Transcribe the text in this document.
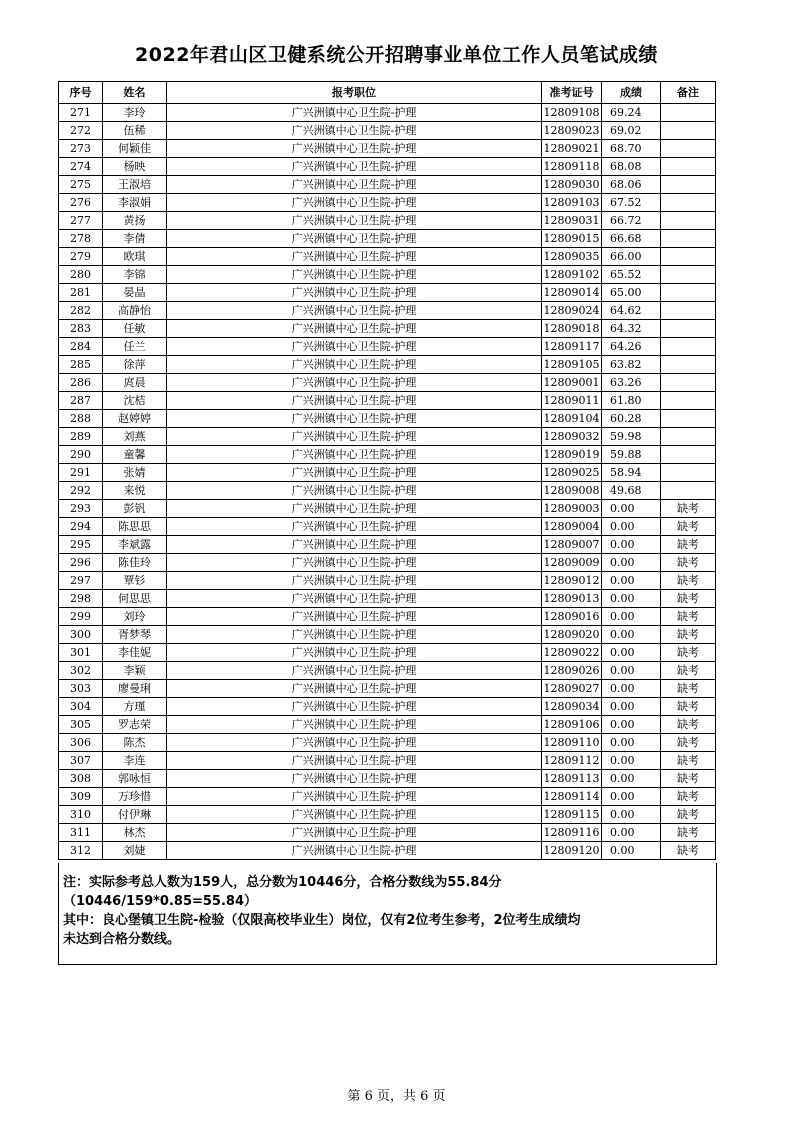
2022年君山区卫健系统公开招聘事业单位工作人员笔试成绩
序号	姓名	报考职位	准考证号	成绩	备注
271	李玲	广兴洲镇中心卫生院-护理	12809108	69.24	
272	伍稀	广兴洲镇中心卫生院-护理	12809023	69.02	
273	何颖佳	广兴洲镇中心卫生院-护理	12809021	68.70	
274	杨映	广兴洲镇中心卫生院-护理	12809118	68.08	
275	王淑培	广兴洲镇中心卫生院-护理	12809030	68.06	
276	李淑娟	广兴洲镇中心卫生院-护理	12809103	67.52	
277	黄扬	广兴洲镇中心卫生院-护理	12809031	66.72	
278	李倩	广兴洲镇中心卫生院-护理	12809015	66.68	
279	欧琪	广兴洲镇中心卫生院-护理	12809035	66.00	
280	李锦	广兴洲镇中心卫生院-护理	12809102	65.52	
281	晏晶	广兴洲镇中心卫生院-护理	12809014	65.00	
282	高静怡	广兴洲镇中心卫生院-护理	12809024	64.62	
283	任敏	广兴洲镇中心卫生院-护理	12809018	64.32	
284	任兰	广兴洲镇中心卫生院-护理	12809117	64.26	
285	徐萍	广兴洲镇中心卫生院-护理	12809105	63.82	
286	庹晨	广兴洲镇中心卫生院-护理	12809001	63.26	
287	沈桔	广兴洲镇中心卫生院-护理	12809011	61.80	
288	赵婷婷	广兴洲镇中心卫生院-护理	12809104	60.28	
289	刘燕	广兴洲镇中心卫生院-护理	12809032	59.98	
290	童馨	广兴洲镇中心卫生院-护理	12809019	59.88	
291	张婧	广兴洲镇中心卫生院-护理	12809025	58.94	
292	来悦	广兴洲镇中心卫生院-护理	12809008	49.68	
293	彭钒	广兴洲镇中心卫生院-护理	12809003	0.00	缺考
294	陈思思	广兴洲镇中心卫生院-护理	12809004	0.00	缺考
295	李斌露	广兴洲镇中心卫生院-护理	12809007	0.00	缺考
296	陈佳玲	广兴洲镇中心卫生院-护理	12809009	0.00	缺考
297	覃钐	广兴洲镇中心卫生院-护理	12809012	0.00	缺考
298	何思思	广兴洲镇中心卫生院-护理	12809013	0.00	缺考
299	刘玲	广兴洲镇中心卫生院-护理	12809016	0.00	缺考
300	胥梦琴	广兴洲镇中心卫生院-护理	12809020	0.00	缺考
301	李佳妮	广兴洲镇中心卫生院-护理	12809022	0.00	缺考
302	李颖	广兴洲镇中心卫生院-护理	12809026	0.00	缺考
303	廖曼琍	广兴洲镇中心卫生院-护理	12809027	0.00	缺考
304	方瑾	广兴洲镇中心卫生院-护理	12809034	0.00	缺考
305	罗志荣	广兴洲镇中心卫生院-护理	12809106	0.00	缺考
306	陈杰	广兴洲镇中心卫生院-护理	12809110	0.00	缺考
307	李连	广兴洲镇中心卫生院-护理	12809112	0.00	缺考
308	郭咏恒	广兴洲镇中心卫生院-护理	12809113	0.00	缺考
309	万珍惜	广兴洲镇中心卫生院-护理	12809114	0.00	缺考
310	付伊琳	广兴洲镇中心卫生院-护理	12809115	0.00	缺考
311	林杰	广兴洲镇中心卫生院-护理	12809116	0.00	缺考
312	刘婕	广兴洲镇中心卫生院-护理	12809120	0.00	缺考
注：实际参考总人数为159人，总分数为10446分，合格分数线为55.84分
（10446/159*0.85=55.84）
其中：良心堡镇卫生院-检验（仅限高校毕业生）岗位，仅有2位考生参考，2位考生成绩均
未达到合格分数线。
第 6 页，共 6 页
